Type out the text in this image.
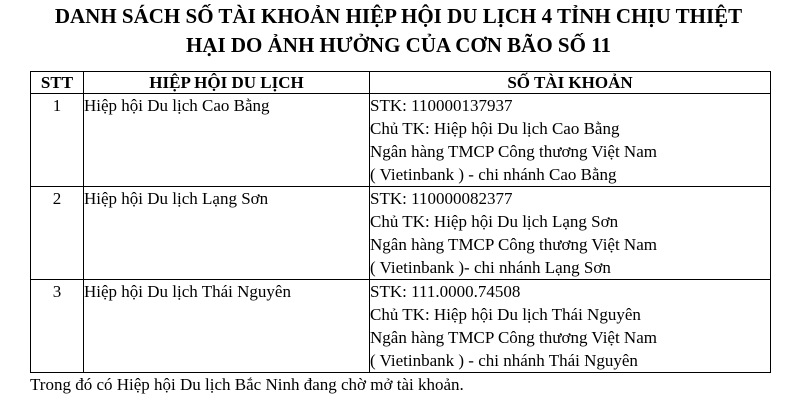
DANH SÁCH SỐ TÀI KHOẢN HIỆP HỘI DU LỊCH 4 TỈNH CHỊU THIỆT
HẠI DO ẢNH HƯỞNG CỦA CƠN BÃO SỐ 11
STT	HIỆP HỘI DU LỊCH	SỐ TÀI KHOẢN

1	Hiệp hội Du lịch Cao Bằng	STK: 110000137937
Chủ TK: Hiệp hội Du lịch Cao Bằng
Ngân hàng TMCP Công thương Việt Nam
( Vietinbank ) - chi nhánh Cao Bằng

2	Hiệp hội Du lịch Lạng Sơn	STK: 110000082377
Chủ TK: Hiệp hội Du lịch Lạng Sơn
Ngân hàng TMCP Công thương Việt Nam
( Vietinbank )- chi nhánh Lạng Sơn

3	Hiệp hội Du lịch Thái Nguyên	STK: 111.0000.74508
Chủ TK: Hiệp hội Du lịch Thái Nguyên
Ngân hàng TMCP Công thương Việt Nam
( Vietinbank ) - chi nhánh Thái Nguyên
Trong đó có Hiệp hội Du lịch Bắc Ninh đang chờ mở tài khoản.
